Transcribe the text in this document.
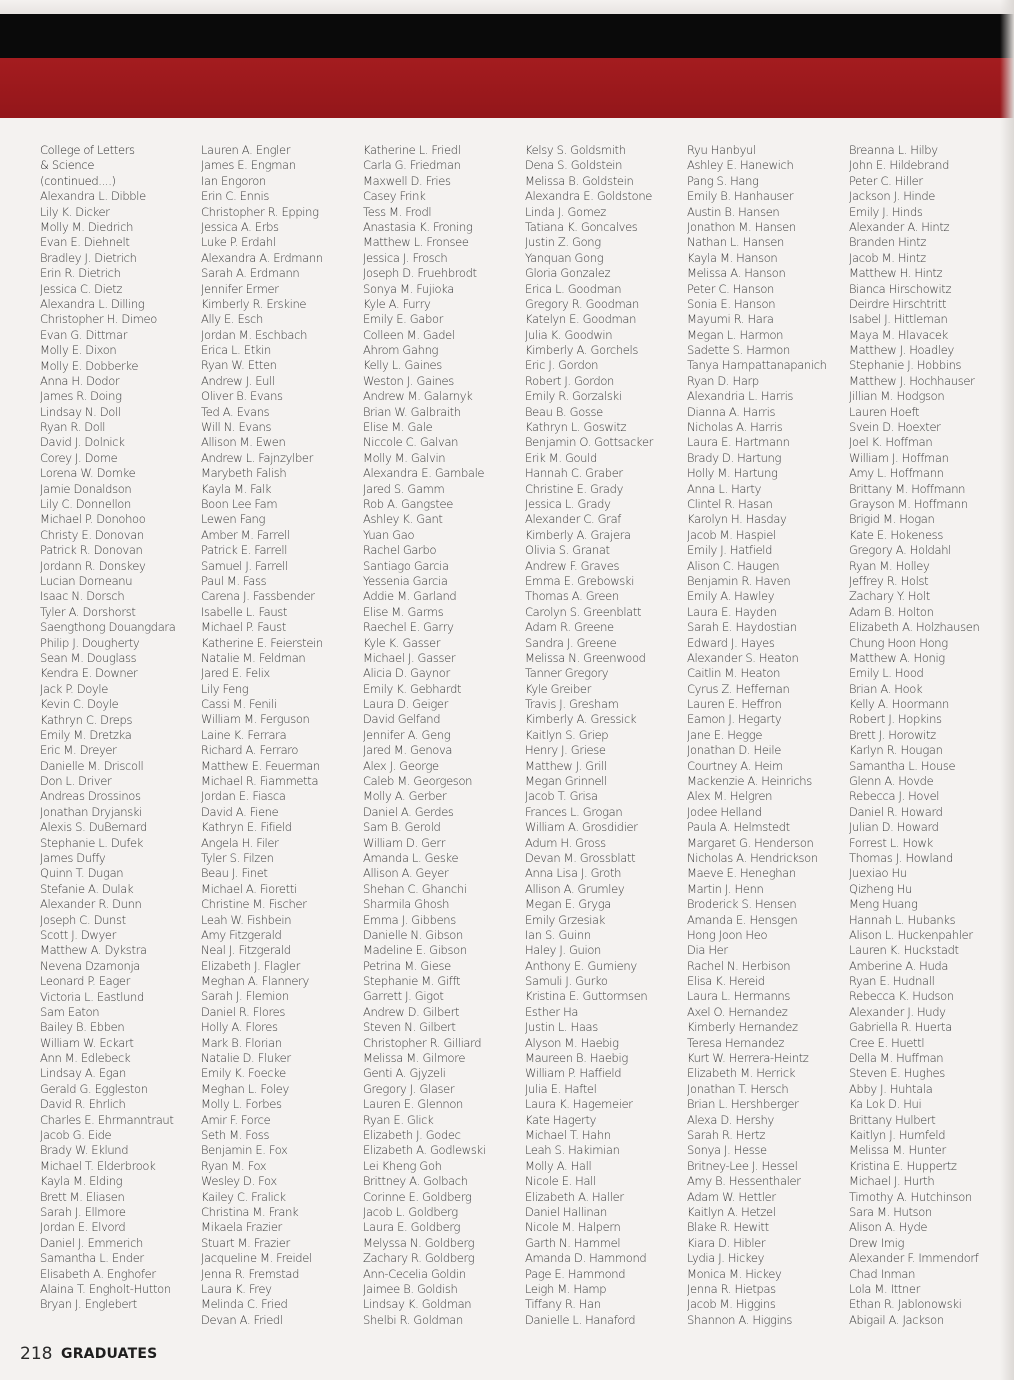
College of Letters
& Science
(continued....)
Alexandra L. Dibble
Lily K. Dicker
Molly M. Diedrich
Evan E. Diehnelt
Bradley J. Dietrich
Erin R. Dietrich
Jessica C. Dietz
Alexandra L. Dilling
Christopher H. Dimeo
Evan G. Dittmar
Molly E. Dixon
Molly E. Dobberke
Anna H. Dodor
James R. Doing
Lindsay N. Doll
Ryan R. Doll
David J. Dolnick
Corey J. Dome
Lorena W. Domke
Jamie Donaldson
Lily C. Donnellon
Michael P. Donohoo
Christy E. Donovan
Patrick R. Donovan
Jordann R. Donskey
Lucian Dorneanu
Isaac N. Dorsch
Tyler A. Dorshorst
Saengthong Douangdara
Philip J. Dougherty
Sean M. Douglass
Kendra E. Downer
Jack P. Doyle
Kevin C. Doyle
Kathryn C. Dreps
Emily M. Dretzka
Eric M. Dreyer
Danielle M. Driscoll
Don L. Driver
Andreas Drossinos
Jonathan Dryjanski
Alexis S. DuBernard
Stephanie L. Dufek
James Duffy
Quinn T. Dugan
Stefanie A. Dulak
Alexander R. Dunn
Joseph C. Dunst
Scott J. Dwyer
Matthew A. Dykstra
Nevena Dzamonja
Leonard P. Eager
Victoria L. Eastlund
Sam Eaton
Bailey B. Ebben
William W. Eckart
Ann M. Edlebeck
Lindsay A. Egan
Gerald G. Eggleston
David R. Ehrlich
Charles E. Ehrmanntraut
Jacob G. Eide
Brady W. Eklund
Michael T. Elderbrook
Kayla M. Elding
Brett M. Eliasen
Sarah J. Ellmore
Jordan E. Elvord
Daniel J. Emmerich
Samantha L. Ender
Elisabeth A. Enghofer
Alaina T. Engholt-Hutton
Bryan J. Englebert
Lauren A. Engler
James E. Engman
Ian Engoron
Erin C. Ennis
Christopher R. Epping
Jessica A. Erbs
Luke P. Erdahl
Alexandra A. Erdmann
Sarah A. Erdmann
Jennifer Ermer
Kimberly R. Erskine
Ally E. Esch
Jordan M. Eschbach
Erica L. Etkin
Ryan W. Etten
Andrew J. Eull
Oliver B. Evans
Ted A. Evans
Will N. Evans
Allison M. Ewen
Andrew L. Fajnzylber
Marybeth Falish
Kayla M. Falk
Boon Lee Fam
Lewen Fang
Amber M. Farrell
Patrick E. Farrell
Samuel J. Farrell
Paul M. Fass
Carena J. Fassbender
Isabelle L. Faust
Michael P. Faust
Katherine E. Feierstein
Natalie M. Feldman
Jared E. Felix
Lily Feng
Cassi M. Fenili
William M. Ferguson
Laine K. Ferrara
Richard A. Ferraro
Matthew E. Feuerman
Michael R. Fiammetta
Jordan E. Fiasca
David A. Fiene
Kathryn E. Fifield
Angela H. Filer
Tyler S. Filzen
Beau J. Finet
Michael A. Fioretti
Christine M. Fischer
Leah W. Fishbein
Amy Fitzgerald
Neal J. Fitzgerald
Elizabeth J. Flagler
Meghan A. Flannery
Sarah J. Flemion
Daniel R. Flores
Holly A. Flores
Mark B. Florian
Natalie D. Fluker
Emily K. Foecke
Meghan L. Foley
Molly L. Forbes
Amir F. Force
Seth M. Foss
Benjamin E. Fox
Ryan M. Fox
Wesley D. Fox
Kailey C. Fralick
Christina M. Frank
Mikaela Frazier
Stuart M. Frazier
Jacqueline M. Freidel
Jenna R. Fremstad
Laura K. Frey
Melinda C. Fried
Devan A. Friedl
Katherine L. Friedl
Carla G. Friedman
Maxwell D. Fries
Casey Frink
Tess M. Frodl
Anastasia K. Froning
Matthew L. Fronsee
Jessica J. Frosch
Joseph D. Fruehbrodt
Sonya M. Fujioka
Kyle A. Furry
Emily E. Gabor
Colleen M. Gadel
Ahrom Gahng
Kelly L. Gaines
Weston J. Gaines
Andrew M. Galarnyk
Brian W. Galbraith
Elise M. Gale
Niccole C. Galvan
Molly M. Galvin
Alexandra E. Gambale
Jared S. Gamm
Rob A. Gangstee
Ashley K. Gant
Yuan Gao
Rachel Garbo
Santiago Garcia
Yessenia Garcia
Addie M. Garland
Elise M. Garms
Raechel E. Garry
Kyle K. Gasser
Michael J. Gasser
Alicia D. Gaynor
Emily K. Gebhardt
Laura D. Geiger
David Gelfand
Jennifer A. Geng
Jared M. Genova
Alex J. George
Caleb M. Georgeson
Molly A. Gerber
Daniel A. Gerdes
Sam B. Gerold
William D. Gerr
Amanda L. Geske
Allison A. Geyer
Shehan C. Ghanchi
Sharmila Ghosh
Emma J. Gibbens
Danielle N. Gibson
Madeline E. Gibson
Petrina M. Giese
Stephanie M. Gifft
Garrett J. Gigot
Andrew D. Gilbert
Steven N. Gilbert
Christopher R. Gilliard
Melissa M. Gilmore
Genti A. Gjyzeli
Gregory J. Glaser
Lauren E. Glennon
Ryan E. Glick
Elizabeth J. Godec
Elizabeth A. Godlewski
Lei Kheng Goh
Brittney A. Golbach
Corinne E. Goldberg
Jacob L. Goldberg
Laura E. Goldberg
Melyssa N. Goldberg
Zachary R. Goldberg
Ann-Cecelia Goldin
Jaimee B. Goldish
Lindsay K. Goldman
Shelbi R. Goldman
Kelsy S. Goldsmith
Dena S. Goldstein
Melissa B. Goldstein
Alexandra E. Goldstone
Linda J. Gomez
Tatiana K. Goncalves
Justin Z. Gong
Yanquan Gong
Gloria Gonzalez
Erica L. Goodman
Gregory R. Goodman
Katelyn E. Goodman
Julia K. Goodwin
Kimberly A. Gorchels
Eric J. Gordon
Robert J. Gordon
Emily R. Gorzalski
Beau B. Gosse
Kathryn L. Goswitz
Benjamin O. Gottsacker
Erik M. Gould
Hannah C. Graber
Christine E. Grady
Jessica L. Grady
Alexander C. Graf
Kimberly A. Grajera
Olivia S. Granat
Andrew F. Graves
Emma E. Grebowski
Thomas A. Green
Carolyn S. Greenblatt
Adam R. Greene
Sandra J. Greene
Melissa N. Greenwood
Tanner Gregory
Kyle Greiber
Travis J. Gresham
Kimberly A. Gressick
Kaitlyn S. Griep
Henry J. Griese
Matthew J. Grill
Megan Grinnell
Jacob T. Grisa
Frances L. Grogan
William A. Grosdidier
Adum H. Gross
Devan M. Grossblatt
Anna Lisa J. Groth
Allison A. Grumley
Megan E. Gryga
Emily Grzesiak
Ian S. Guinn
Haley J. Guion
Anthony E. Gumieny
Samuli J. Gurko
Kristina E. Guttormsen
Esther Ha
Justin L. Haas
Alyson M. Haebig
Maureen B. Haebig
William P. Haffield
Julia E. Haftel
Laura K. Hagemeier
Kate Hagerty
Michael T. Hahn
Leah S. Hakimian
Molly A. Hall
Nicole E. Hall
Elizabeth A. Haller
Daniel Hallinan
Nicole M. Halpern
Garth N. Hammel
Amanda D. Hammond
Page E. Hammond
Leigh M. Hamp
Tiffany R. Han
Danielle L. Hanaford
Ryu Hanbyul
Ashley E. Hanewich
Pang S. Hang
Emily B. Hanhauser
Austin B. Hansen
Jonathon M. Hansen
Nathan L. Hansen
Kayla M. Hanson
Melissa A. Hanson
Peter C. Hanson
Sonia E. Hanson
Mayumi R. Hara
Megan L. Harmon
Sadette S. Harmon
Tanya Harnpattanapanich
Ryan D. Harp
Alexandria L. Harris
Dianna A. Harris
Nicholas A. Harris
Laura E. Hartmann
Brady D. Hartung
Holly M. Hartung
Anna L. Harty
Clintel R. Hasan
Karolyn H. Hasday
Jacob M. Haspiel
Emily J. Hatfield
Alison C. Haugen
Benjamin R. Haven
Emily A. Hawley
Laura E. Hayden
Sarah E. Haydostian
Edward J. Hayes
Alexander S. Heaton
Caitlin M. Heaton
Cyrus Z. Heffernan
Lauren E. Heffron
Eamon J. Hegarty
Jane E. Hegge
Jonathan D. Heile
Courtney A. Heim
Mackenzie A. Heinrichs
Alex M. Helgren
Jodee Helland
Paula A. Helmstedt
Margaret G. Henderson
Nicholas A. Hendrickson
Maeve E. Heneghan
Martin J. Henn
Broderick S. Hensen
Amanda E. Hensgen
Hong Joon Heo
Dia Her
Rachel N. Herbison
Elisa K. Hereid
Laura L. Hermanns
Axel O. Hernandez
Kimberly Hernandez
Teresa Hernandez
Kurt W. Herrera-Heintz
Elizabeth M. Herrick
Jonathan T. Hersch
Brian L. Hershberger
Alexa D. Hershy
Sarah R. Hertz
Sonya J. Hesse
Britney-Lee J. Hessel
Amy B. Hessenthaler
Adam W. Hettler
Kaitlyn A. Hetzel
Blake R. Hewitt
Kiara D. Hibler
Lydia J. Hickey
Monica M. Hickey
Jenna R. Hietpas
Jacob M. Higgins
Shannon A. Higgins
Breanna L. Hilby
John E. Hildebrand
Peter C. Hiller
Jackson J. Hinde
Emily J. Hinds
Alexander A. Hintz
Branden Hintz
Jacob M. Hintz
Matthew H. Hintz
Bianca Hirschowitz
Deirdre Hirschtritt
Isabel J. Hittleman
Maya M. Hlavacek
Matthew J. Hoadley
Stephanie J. Hobbins
Matthew J. Hochhauser
Jillian M. Hodgson
Lauren Hoeft
Svein D. Hoexter
Joel K. Hoffman
William J. Hoffman
Amy L. Hoffmann
Brittany M. Hoffmann
Grayson M. Hoffmann
Brigid M. Hogan
Kate E. Hokeness
Gregory A. Holdahl
Ryan M. Holley
Jeffrey R. Holst
Zachary Y. Holt
Adam B. Holton
Elizabeth A. Holzhausen
Chung Hoon Hong
Matthew A. Honig
Emily L. Hood
Brian A. Hook
Kelly A. Hoormann
Robert J. Hopkins
Brett J. Horowitz
Karlyn R. Hougan
Samantha L. House
Glenn A. Hovde
Rebecca J. Hovel
Daniel R. Howard
Julian D. Howard
Forrest L. Howk
Thomas J. Howland
Juexiao Hu
Qizheng Hu
Meng Huang
Hannah L. Hubanks
Alison L. Huckenpahler
Lauren K. Huckstadt
Amberine A. Huda
Ryan E. Hudnall
Rebecca K. Hudson
Alexander J. Hudy
Gabriella R. Huerta
Cree E. Huettl
Della M. Huffman
Steven E. Hughes
Abby J. Huhtala
Ka Lok D. Hui
Brittany Hulbert
Kaitlyn J. Humfeld
Melissa M. Hunter
Kristina E. Huppertz
Michael J. Hurth
Timothy A. Hutchinson
Sara M. Hutson
Alison A. Hyde
Drew Imig
Alexander F. Immendorf
Chad Inman
Lola M. Ittner
Ethan R. Jablonowski
Abigail A. Jackson
218 GRADUATES
